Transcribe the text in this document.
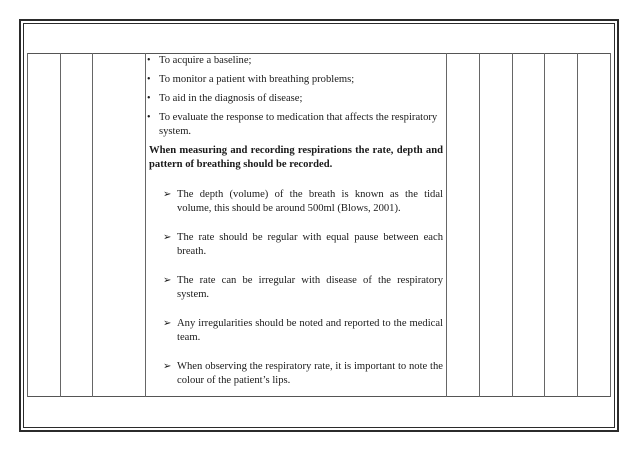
• To acquire a baseline;
• To monitor a patient with breathing problems;
• To aid in the diagnosis of disease;
• To evaluate the response to medication that affects the respiratory system.
When measuring and recording respirations the rate, depth and pattern of breathing should be recorded.
➢ The depth (volume) of the breath is known as the tidal volume, this should be around 500ml (Blows, 2001).
➢ The rate should be regular with equal pause between each breath.
➢ The rate can be irregular with disease of the respiratory system.
➢ Any irregularities should be noted and reported to the medical team.
➢ When observing the respiratory rate, it is important to note the colour of the patient’s lips.
